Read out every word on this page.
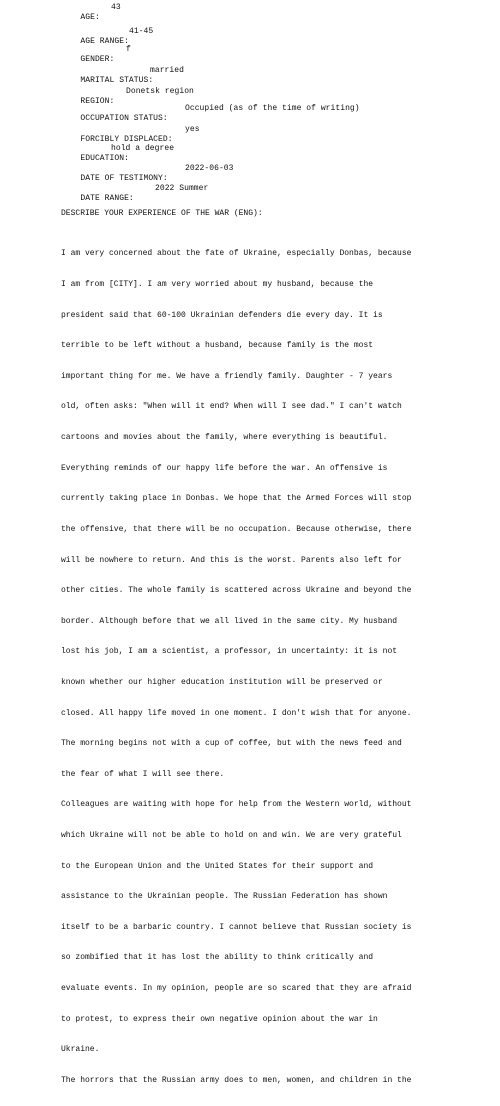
AGE:

43

AGE RANGE:

41-45

GENDER:

f

MARITAL STATUS:

married

REGION:

Donetsk region

OCCUPATION STATUS:

Occupied (as of the time of writing)

FORCIBLY DISPLACED:

yes

EDUCATION:

hold a degree

DATE OF TESTIMONY:

2022-06-03

DATE RANGE:

2022 Summer

DESCRIBE YOUR EXPERIENCE OF THE WAR (ENG):

I am very concerned about the fate of Ukraine, especially Donbas, because

I am from [CITY]. I am very worried about my husband, because the

president said that 60-100 Ukrainian defenders die every day. It is

terrible to be left without a husband, because family is the most

important thing for me. We have a friendly family. Daughter - 7 years

old, often asks: "When will it end? When will I see dad." I can't watch

cartoons and movies about the family, where everything is beautiful.

Everything reminds of our happy life before the war. An offensive is

currently taking place in Donbas. We hope that the Armed Forces will stop

the offensive, that there will be no occupation. Because otherwise, there

will be nowhere to return. And this is the worst. Parents also left for

other cities. The whole family is scattered across Ukraine and beyond the

border. Although before that we all lived in the same city. My husband

lost his job, I am a scientist, a professor, in uncertainty: it is not

known whether our higher education institution will be preserved or

closed. All happy life moved in one moment. I don't wish that for anyone.

The morning begins not with a cup of coffee, but with the news feed and

the fear of what I will see there.

Colleagues are waiting with hope for help from the Western world, without

which Ukraine will not be able to hold on and win. We are very grateful

to the European Union and the United States for their support and

assistance to the Ukrainian people. The Russian Federation has shown

itself to be a barbaric country. I cannot believe that Russian society is

so zombified that it has lost the ability to think critically and

evaluate events. In my opinion, people are so scared that they are afraid

to protest, to express their own negative opinion about the war in

Ukraine.

The horrors that the Russian army does to men, women, and children in the
